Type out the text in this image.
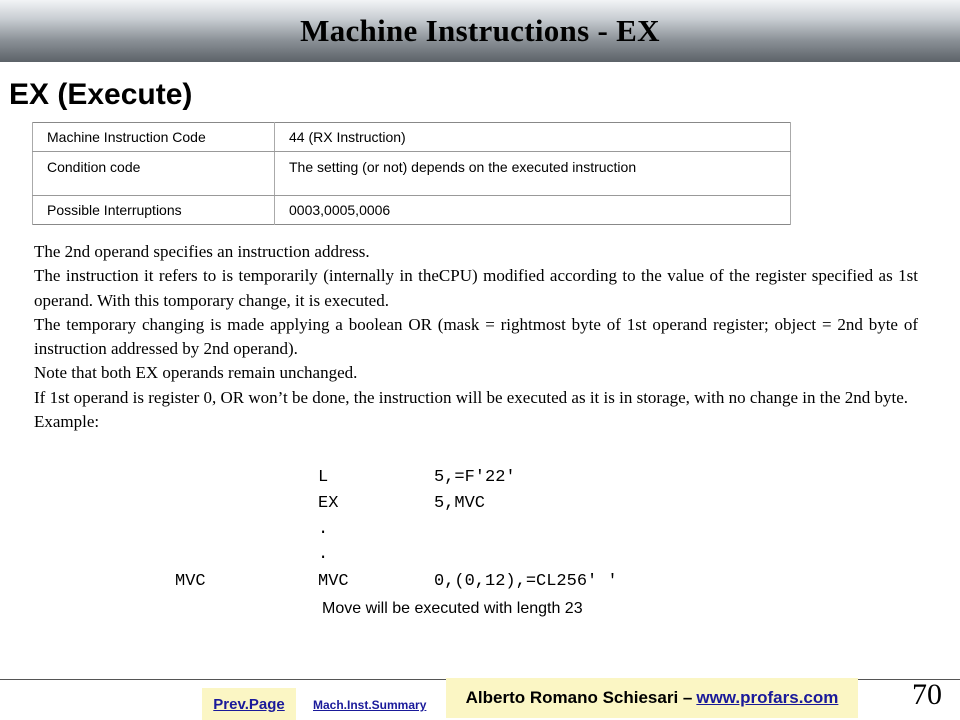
Machine Instructions - EX
EX (Execute)
Machine Instruction Code	44 (RX Instruction)
Condition code	The setting (or not) depends on the executed instruction
Possible Interruptions	0003,0005,0006

The 2nd operand specifies an instruction address.

The instruction it refers to is temporarily (internally in theCPU) modified according to the value of the register specified as 1st operand. With this tomporary change, it is executed.

The temporary changing is made applying a boolean OR (mask = rightmost byte of 1st operand register; object = 2nd byte of instruction addressed by 2nd operand).

Note that both EX operands remain unchanged.

If 1st operand is register 0, OR won’t be done, the instruction will be executed as it is in storage, with no change in the 2nd byte.

Example:

L	5,=F'22'
EX	5,MVC
.
.
MVC	MVC	0,(0,12),=CL256' '
Move will be executed with length 23
Prev.Page	Mach.Inst.Summary Alberto Romano Schiesari – www.profars.com 70
